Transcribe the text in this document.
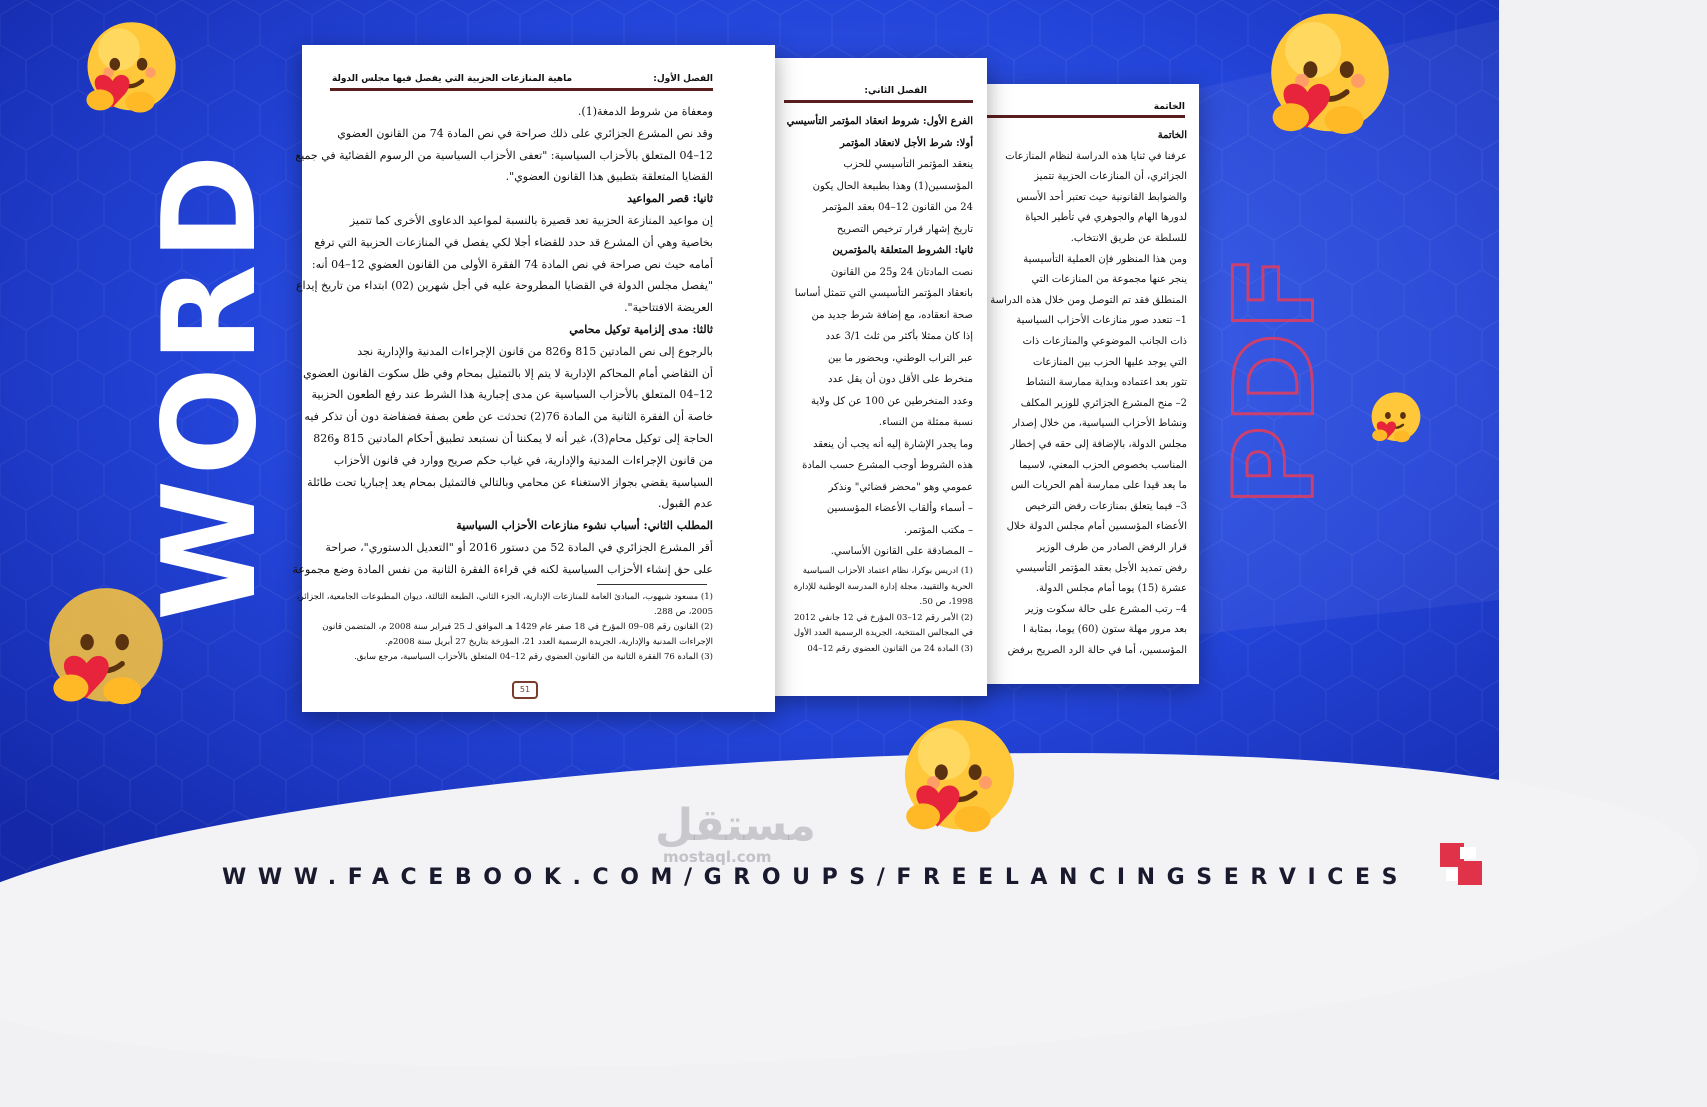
WORD	PDF
الخاتمة
الخاتمة
عرفنا في ثنايا هذه الدراسة لنظام المنازعات
الجزائري، أن المنازعات الحزبية تتميز
والضوابط القانونية حيث تعتبر أحد الأسس
لدورها الهام والجوهري في تأطير الحياة
للسلطة عن طريق الانتخاب.
ومن هذا المنظور فإن العملية التأسيسية
ينجر عنها مجموعة من المنازعات التي
المنطلق فقد تم التوصل ومن خلال هذه الدراسة
1– تتعدد صور منازعات الأحزاب السياسية
ذات الجانب الموضوعي والمنازعات ذات
التي يوجد عليها الحزب بين المنازعات
تثور بعد اعتماده وبداية ممارسة النشاط
2– منح المشرع الجزائري للوزير المكلف
ونشاط الأحزاب السياسية، من خلال إصدار
مجلس الدولة، بالإضافة إلى حقه في إخطار
المناسب بخصوص الحزب المعني، لاسيما
ما يعد قيدا على ممارسة أهم الحريات الس
3– فيما يتعلق بمنازعات رفض الترخيص
الأعضاء المؤسسين أمام مجلس الدولة خلال
قرار الرفض الصادر من طرف الوزير
رفض تمديد الأجل بعقد المؤتمر التأسيسي
عشرة (15) يوما أمام مجلس الدولة.
4– رتب المشرع على حالة سكوت وزير
بعد مرور مهلة ستون (60) يوما، بمثابة ا
المؤسسين، أما في حالة الرد الصريح برفض
الفصل الثاني:
الفرع الأول: شروط انعقاد المؤتمر التأسيسي
أولا: شرط الأجل لانعقاد المؤتمر
ينعقد المؤتمر التأسيسي للحزب
المؤسسين(1) وهذا بطبيعة الحال يكون
24 من القانون 12–04 بعقد المؤتمر
تاريخ إشهار قرار ترخيص التصريح
ثانيا: الشروط المتعلقة بالمؤتمرين
نصت المادتان 24 و25 من القانون
بانعقاد المؤتمر التأسيسي التي تتمثل أساسا
صحة انعقاده، مع إضافة شرط جديد من
إذا كان ممثلا بأكثر من ثلث 3/1 عدد
عبر التراب الوطني، وبحضور ما بين
منخرط على الأقل دون أن يقل عدد
وعدد المنخرطين عن 100 عن كل ولاية
نسبة ممثلة من النساء.
وما يجدر الإشارة إليه أنه يجب أن ينعقد
هذه الشروط أوجب المشرع حسب المادة
عمومي وهو "محضر قضائي" ونذكر
– أسماء وألقاب الأعضاء المؤسسين
– مكتب المؤتمر.
– المصادقة على القانون الأساسي.
(1) ادريس بوكرا، نظام اعتماد الأحزاب السياسية
الحرية والتقييد، مجلة إدارة المدرسة الوطنية للإدارة
1998، ص 50.
(2) الأمر رقم 12–03 المؤرخ في 12 جانفي 2012
في المجالس المنتخبة، الجريدة الرسمية العدد الأول
(3) المادة 24 من القانون العضوي رقم 12–04
الفصل الأول:
ماهية المنازعات الحزبية التي يفصل فيها مجلس الدولة
ومعفاة من شروط الدمغة(1).
وقد نص المشرع الجزائري على ذلك صراحة في نص المادة 74 من القانون العضوي
12–04 المتعلق بالأحزاب السياسية: "تعفى الأحزاب السياسية من الرسوم القضائية في جميع
القضايا المتعلقة بتطبيق هذا القانون العضوي".
ثانيا: قصر المواعيد
إن مواعيد المنازعة الحزبية تعد قصيرة بالنسبة لمواعيد الدعاوى الأخرى كما تتميز
بخاصية وهي أن المشرع قد حدد للقضاء أجلا لكي يفصل في المنازعات الحزبية التي ترفع
أمامه حيث نص صراحة في نص المادة 74 الفقرة الأولى من القانون العضوي 12–04 أنه:
"يفصل مجلس الدولة في القضايا المطروحة عليه في أجل شهرين (02) ابتداء من تاريخ إيداع
العريضة الافتتاحية".
ثالثا: مدى إلزامية توكيل محامي
بالرجوع إلى نص المادتين 815 و826 من قانون الإجراءات المدنية والإدارية نجد
أن التقاضي أمام المحاكم الإدارية لا يتم إلا بالتمثيل بمحام وفي ظل سكوت القانون العضوي
12–04 المتعلق بالأحزاب السياسية عن مدى إجبارية هذا الشرط عند رفع الطعون الحزبية
خاصة أن الفقرة الثانية من المادة 76(2) تحدثت عن طعن بصفة فضفاضة دون أن تذكر فيه
الحاجة إلى توكيل محام(3)، غير أنه لا يمكننا أن نستبعد تطبيق أحكام المادتين 815 و826
من قانون الإجراءات المدنية والإدارية، في غياب حكم صريح ووارد في قانون الأحزاب
السياسية يقضي بجواز الاستغناء عن محامي وبالتالي فالتمثيل بمحام يعد إجباريا تحت طائلة
عدم القبول.
المطلب الثاني: أسباب نشوء منازعات الأحزاب السياسية
أقر المشرع الجزائري في المادة 52 من دستور 2016 أو "التعديل الدستوري"، صراحة
على حق إنشاء الأحزاب السياسية لكنه في قراءة الفقرة الثانية من نفس المادة وضع مجموعة
(1) مسعود شيهوب، المبادئ العامة للمنازعات الإدارية، الجزء الثاني، الطبعة الثالثة، ديوان المطبوعات الجامعية، الجزائر،
2005، ص 288.
(2) القانون رقم 08–09 المؤرخ في 18 صفر عام 1429 هـ الموافق لـ 25 فبراير سنة 2008 م، المتضمن قانون
الإجراءات المدنية والإدارية، الجريدة الرسمية العدد 21، المؤرخة بتاريخ 27 أبريل سنة 2008م.
(3) المادة 76 الفقرة الثانية من القانون العضوي رقم 12–04 المتعلق بالأحزاب السياسية، مرجع سابق.
51
مستقل
mostaql.com
WWW.FACEBOOK.COM/GROUPS/FREELANCINGSERVICES
